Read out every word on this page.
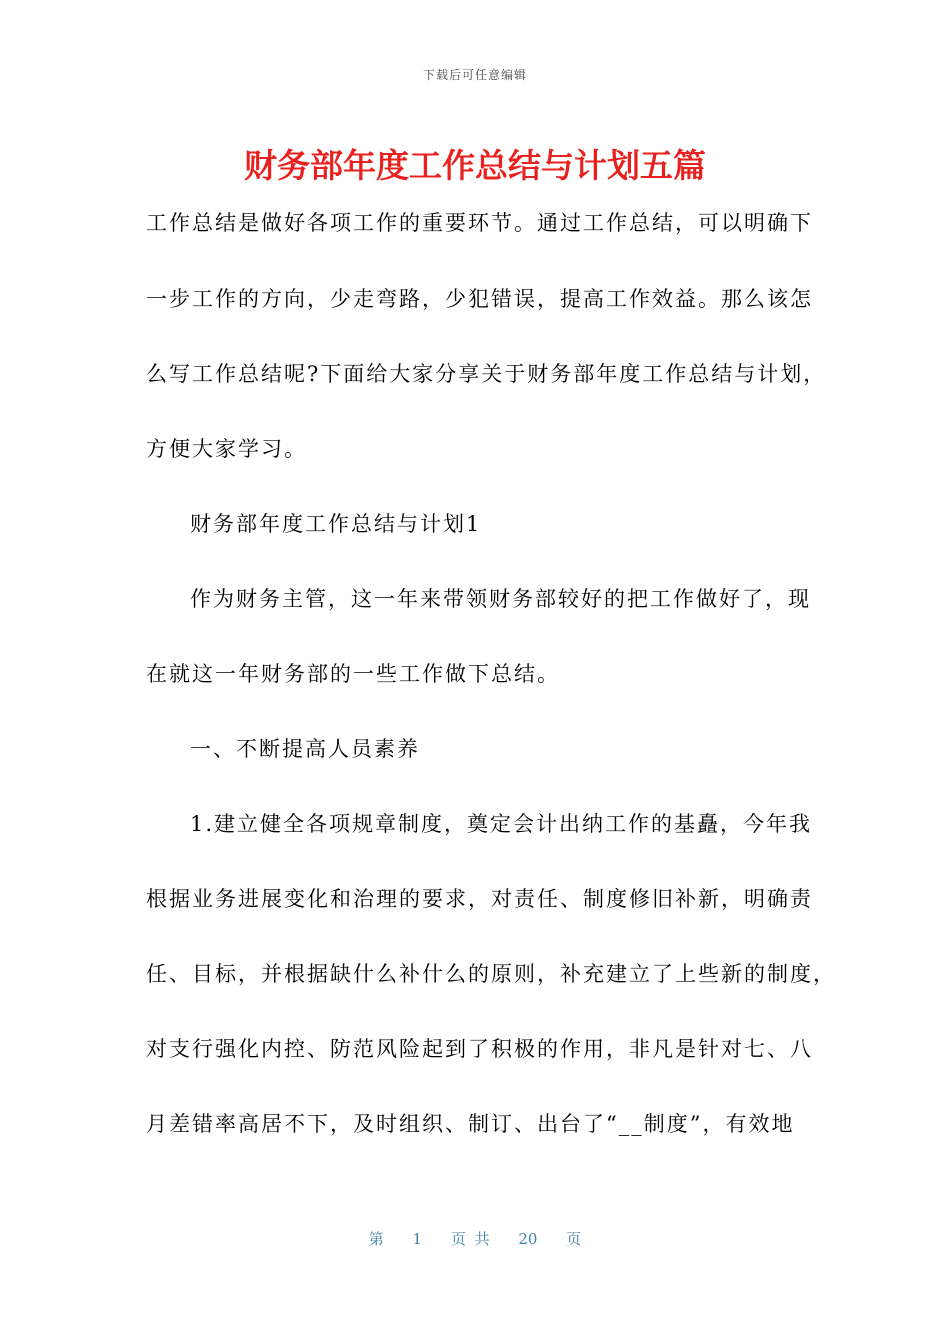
下载后可任意编辑
财务部年度工作总结与计划五篇
工作总结是做好各项工作的重要环节。通过工作总结，可以明确下
一步工作的方向，少走弯路，少犯错误，提高工作效益。那么该怎
么写工作总结呢?下面给大家分享关于财务部年度工作总结与计划，
方便大家学习。
财务部年度工作总结与计划1
作为财务主管，这一年来带领财务部较好的把工作做好了，现
在就这一年财务部的一些工作做下总结。
一、不断提高人员素养
1.建立健全各项规章制度，奠定会计出纳工作的基矗，今年我
根据业务进展变化和治理的要求，对责任、制度修旧补新，明确责
任、目标，并根据缺什么补什么的原则，补充建立了上些新的制度，
对支行强化内控、防范风险起到了积极的作用，非凡是针对七、八
月差错率高居不下，及时组织、制订、出台了“__制度”，有效地
第 1 页 共 20 页
